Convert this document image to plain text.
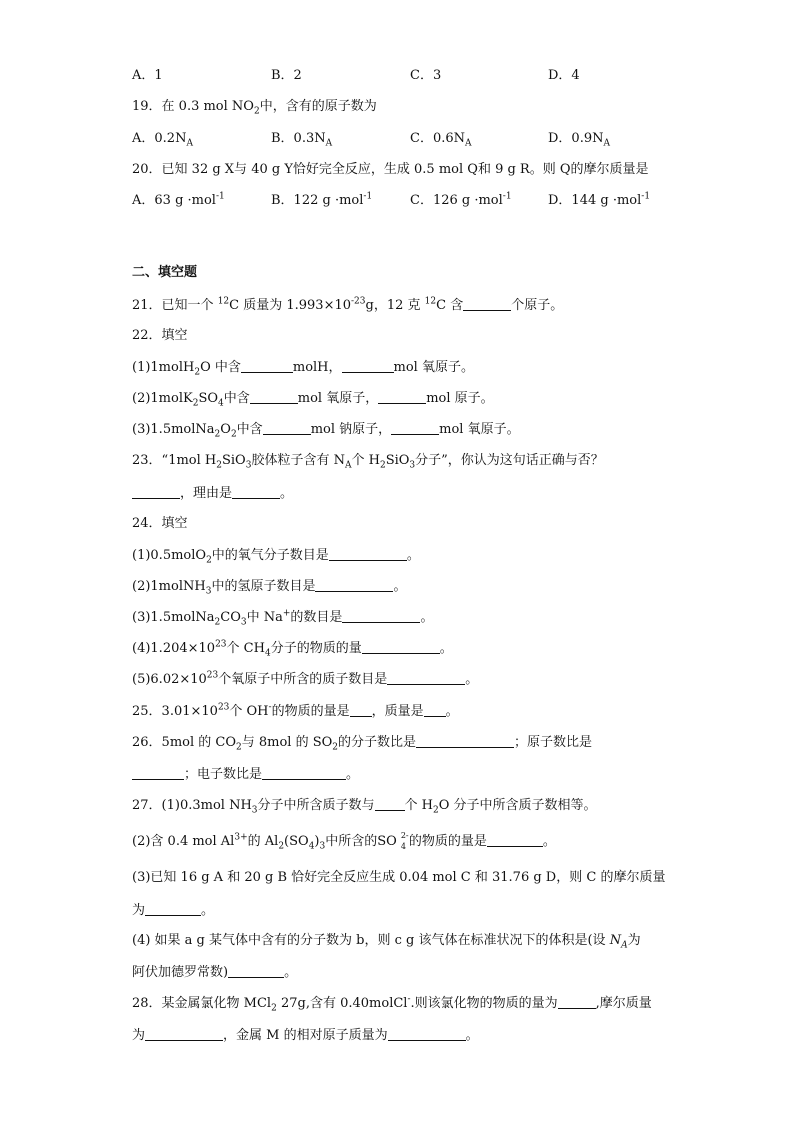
A．1	B．2	C．3	D．4
19．在 0.3 mol $NO_2$中，含有的原子数为
A．$0.2N_A$	B．$0.3N_A$	C．$0.6N_A$	D．$0.9N_A$
20．已知 32 g X与 40 g Y恰好完全反应，生成 0.5 mol Q和 9 g R。则 Q的摩尔质量是
A．63 g ·mol$^{-1}$	B．122 g ·mol$^{-1}$	C．126 g ·mol$^{-1}$	D．144 g ·mol$^{-1}$
二、填空题
21．已知一个 $^{12}$C 质量为 $1.993\times 10^{-23}g$，12 克 $^{12}$C 含	个原子。
22．填空
(1)1molH$_2$O 中含	molH，	mol 氧原子。
$(2)1molK_2SO_4$中含	mol 氧原子，	mol 原子。
$(3)1.5molNa_2O_2$中含	mol 钠原子，	mol 氧原子。
23．“1mol $H_2SiO_3$胶体粒子含有 $N_A$个 $H_2SiO_3$分子”，你认为这句话正确与否？
，理由是	。
24．填空
(1)0.5molO$_2$中的氧气分子数目是	。
(2)1molNH$_3$中的氢原子数目是	。
$(3)1.5molNa_2CO_3$中 Na+的数目是	。
$(4)1.204\times 10^{23}$个 $CH_4$分子的物质的量	。
$(5)6.02\times 10^{23}$个氧原子中所含的质子数目是	。
25．$3.01\times 10^{23}$个 OH-的物质的量是 ，质量是 。
26．5mol 的 $CO_2$与 8mol 的 $SO_2$的分子数比是	；原子数比是
；电子数比是	。
27．(1)0.3mol $NH_3$分子中所含质子数与 个 $H_2O$ 分子中所含质子数相等。
(2)含 0.4 mol $Al^{3+}$的 $Al_2(SO_4)_3$中所含的SO 2-
4 的物质的量是	。
(3)已知 16 g A 和 20 g B 恰好完全反应生成 0.04 mol C 和 31.76 g D，则 C 的摩尔质量
为	。
(4) 如果 a g 某气体中含有的分子数为 b，则 c g 该气体在标准状况下的体积是(设 $N_A$为
阿伏加德罗常数)	。
28．某金属氯化物 MCl$_2$ 27g,含有 0.40molCl-.则该氯化物的物质的量为	,摩尔质量
为	，金属 M 的相对原子质量为	。
